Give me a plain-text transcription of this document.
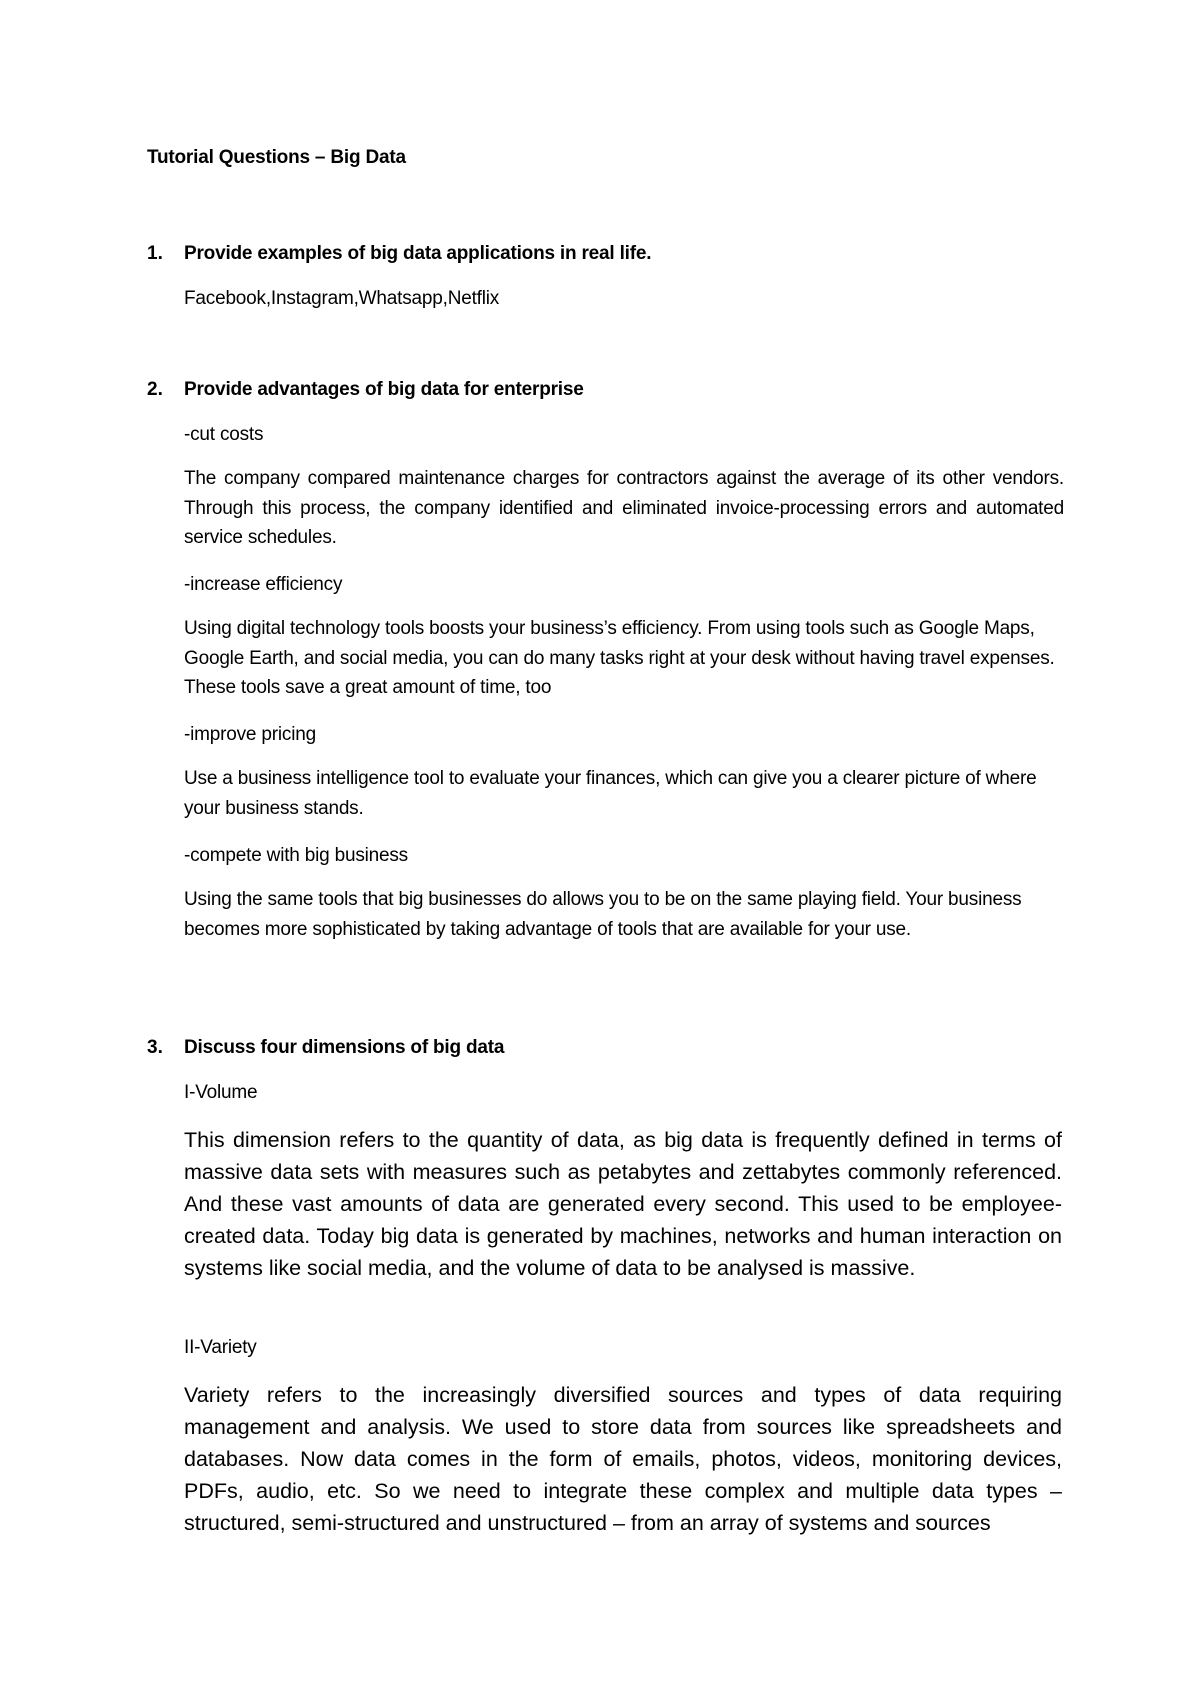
Tutorial Questions – Big Data
1. Provide examples of big data applications in real life.
Facebook,Instagram,Whatsapp,Netflix
2. Provide advantages of big data for enterprise
-cut costs
The company compared maintenance charges for contractors against the average of its other vendors. Through this process, the company identified and eliminated invoice-processing errors and automated service schedules.
-increase efficiency
Using digital technology tools boosts your business’s efficiency. From using tools such as Google Maps, Google Earth, and social media, you can do many tasks right at your desk without having travel expenses. These tools save a great amount of time, too
-improve pricing
Use a business intelligence tool to evaluate your finances, which can give you a clearer picture of where your business stands.
-compete with big business
Using the same tools that big businesses do allows you to be on the same playing field. Your business becomes more sophisticated by taking advantage of tools that are available for your use.
3. Discuss four dimensions of big data
I-Volume
This dimension refers to the quantity of data, as big data is frequently defined in terms of massive data sets with measures such as petabytes and zettabytes commonly referenced. And these vast amounts of data are generated every second. This used to be employee-created data. Today big data is generated by machines, networks and human interaction on systems like social media, and the volume of data to be analysed is massive.
II-Variety
Variety refers to the increasingly diversified sources and types of data requiring management and analysis. We used to store data from sources like spreadsheets and databases. Now data comes in the form of emails, photos, videos, monitoring devices, PDFs, audio, etc. So we need to integrate these complex and multiple data types – structured, semi-structured and unstructured – from an array of systems and sources
